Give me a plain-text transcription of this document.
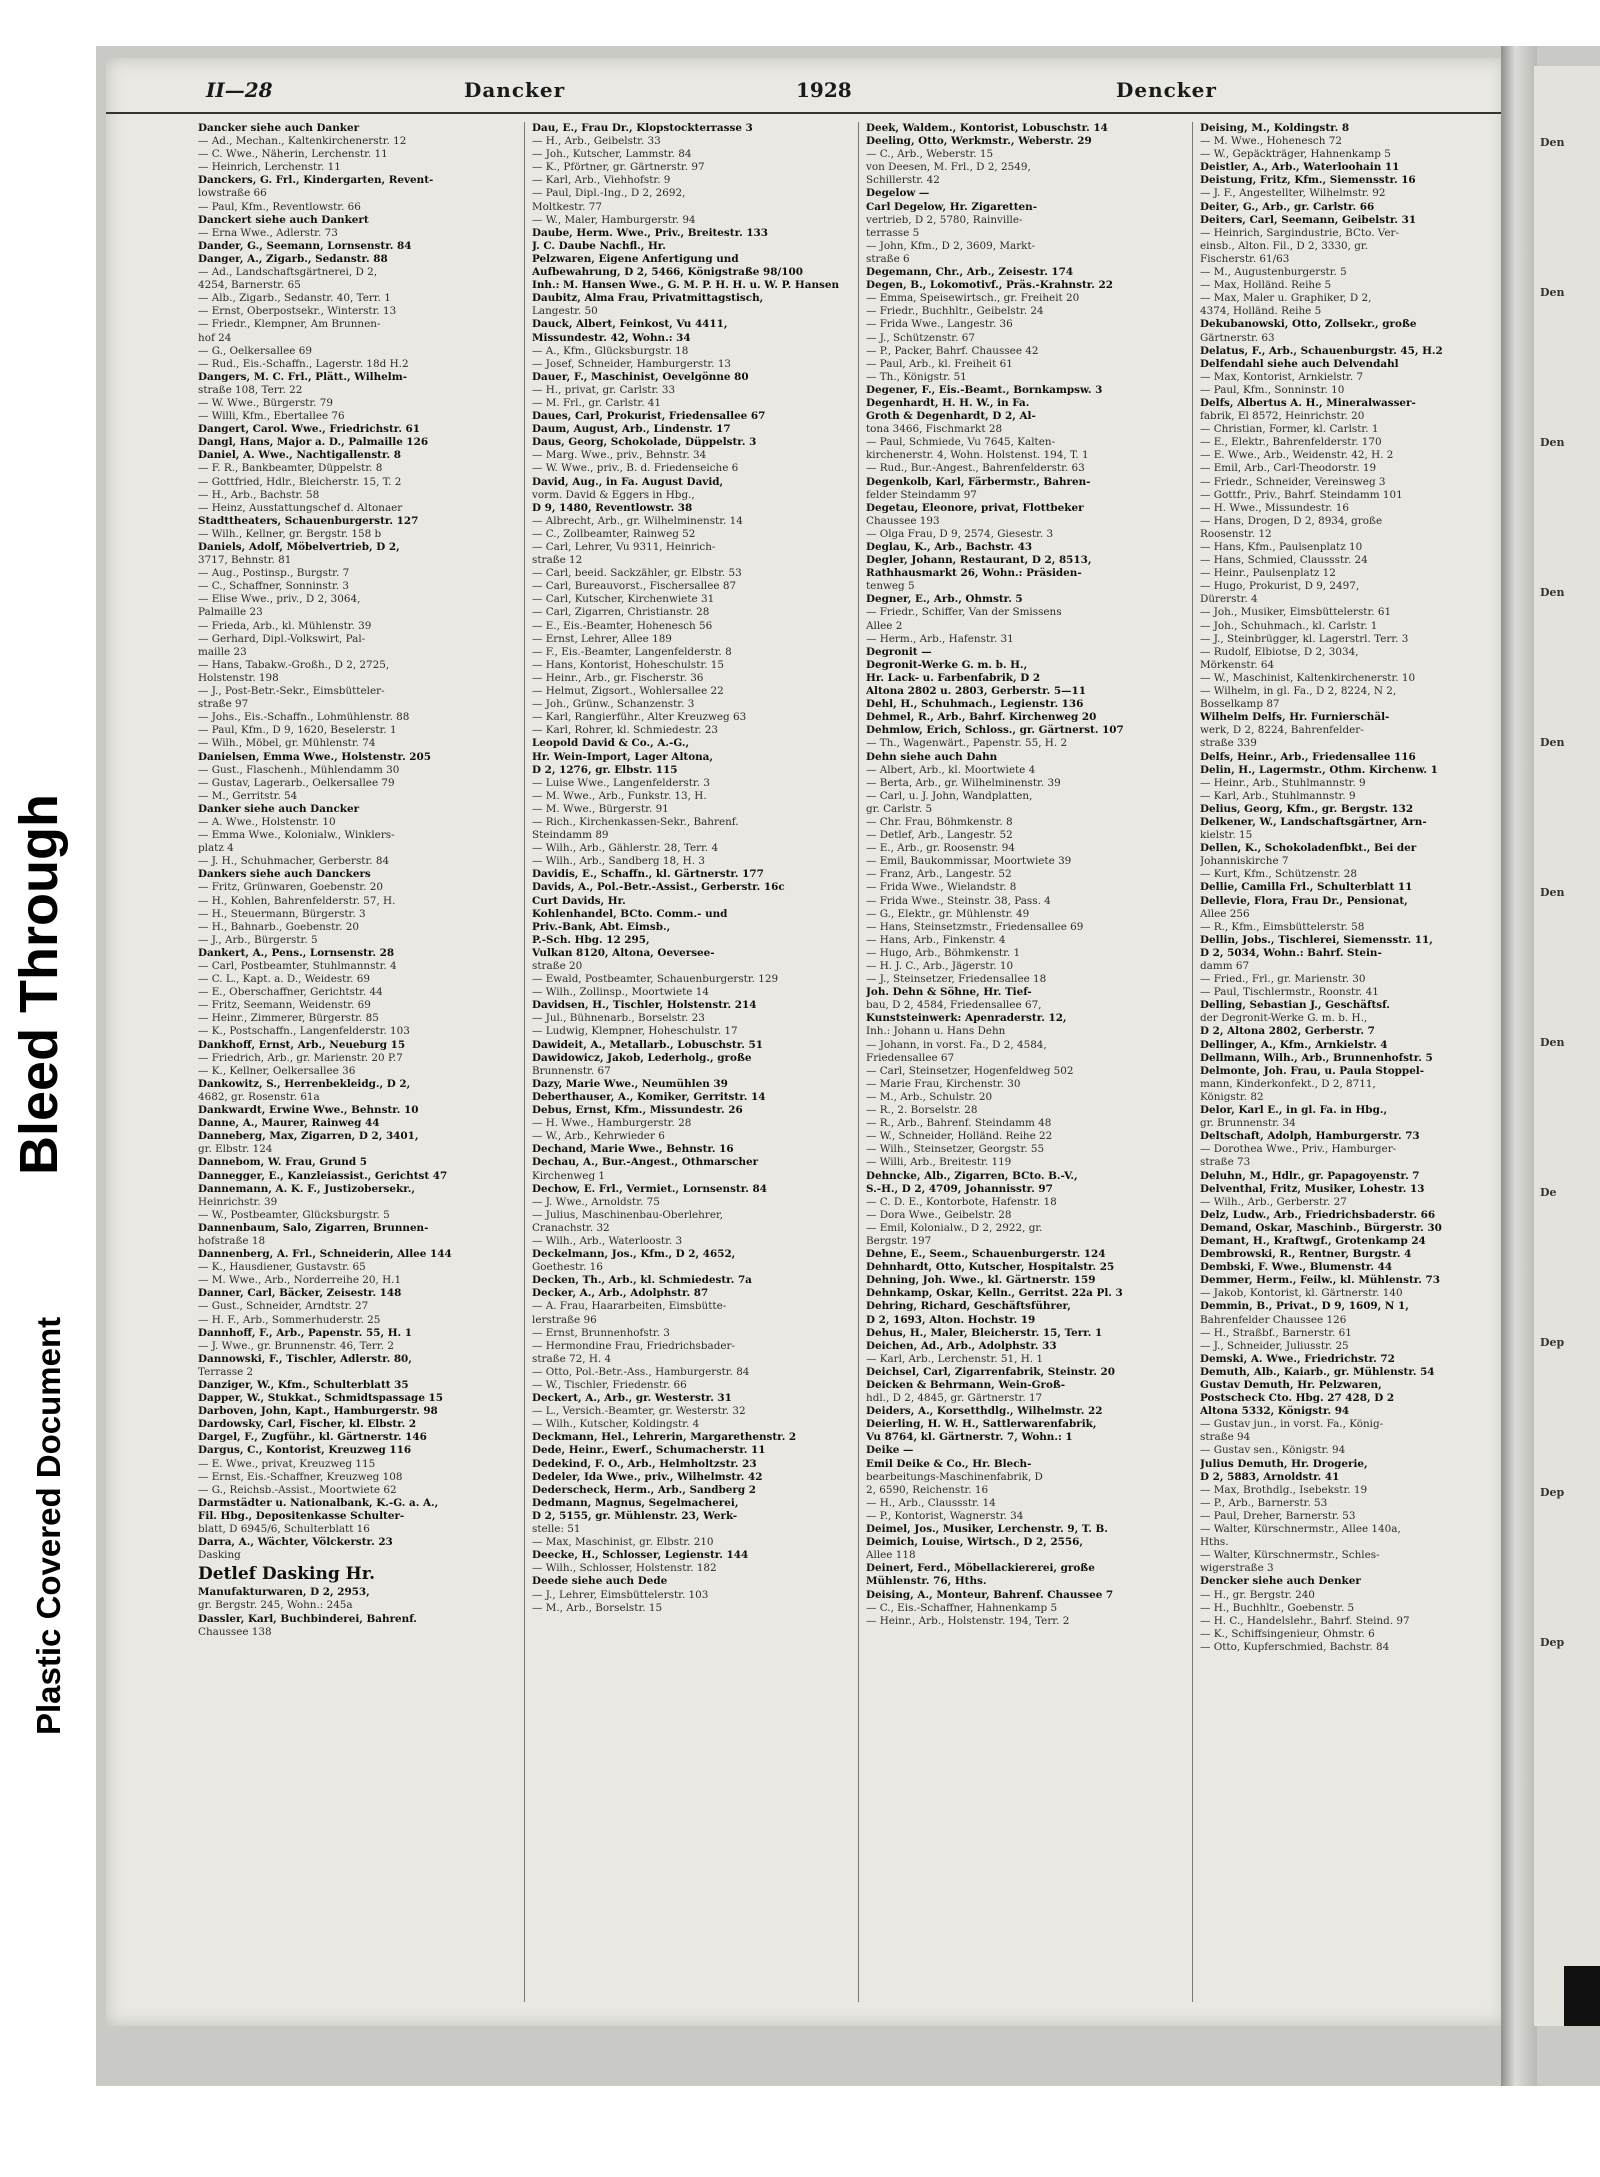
Bleed Through
Plastic Covered Document
II—28	Dancker	1928	Dencker
Dancker siehe auch Danker
— Ad., Mechan., Kaltenkirchenerstr. 12
— C. Wwe., Näherin, Lerchenstr. 11
— Heinrich, Lerchenstr. 11
Danckers, G. Frl., Kindergarten, Revent-
lowstraße 66
— Paul, Kfm., Reventlowstr. 66
Danckert siehe auch Dankert
— Erna Wwe., Adlerstr. 73
Dander, G., Seemann, Lornsenstr. 84
Danger, A., Zigarb., Sedanstr. 88
— Ad., Landschaftsgärtnerei, D 2,
4254, Barnerstr. 65
— Alb., Zigarb., Sedanstr. 40, Terr. 1
— Ernst, Oberpostsekr., Winterstr. 13
— Friedr., Klempner, Am Brunnen-
hof 24
— G., Oelkersallee 69
— Rud., Eis.-Schaffn., Lagerstr. 18d H.2
Dangers, M. C. Frl., Plätt., Wilhelm-
straße 108, Terr. 22
— W. Wwe., Bürgerstr. 79
— Willi, Kfm., Ebertallee 76
Dangert, Carol. Wwe., Friedrichstr. 61
Dangl, Hans, Major a. D., Palmaille 126
Daniel, A. Wwe., Nachtigallenstr. 8
— F. R., Bankbeamter, Düppelstr. 8
— Gottfried, Hdlr., Bleicherstr. 15, T. 2
— H., Arb., Bachstr. 58
— Heinz, Ausstattungschef d. Altonaer
Stadttheaters, Schauenburgerstr. 127
— Wilh., Kellner, gr. Bergstr. 158 b
Daniels, Adolf, Möbelvertrieb, D 2,
3717, Behnstr. 81
— Aug., Postinsp., Burgstr. 7
— C., Schaffner, Sonninstr. 3
— Elise Wwe., priv., D 2, 3064,
Palmaille 23
— Frieda, Arb., kl. Mühlenstr. 39
— Gerhard, Dipl.-Volkswirt, Pal-
maille 23
— Hans, Tabakw.-Großh., D 2, 2725,
Holstenstr. 198
— J., Post-Betr.-Sekr., Eimsbütteler-
straße 97
— Johs., Eis.-Schaffn., Lohmühlenstr. 88
— Paul, Kfm., D 9, 1620, Beselerstr. 1
— Wilh., Möbel, gr. Mühlenstr. 74
Danielsen, Emma Wwe., Holstenstr. 205
— Gust., Flaschenh., Mühlendamm 30
— Gustav, Lagerarb., Oelkersallee 79
— M., Gerritstr. 54
Danker siehe auch Dancker
— A. Wwe., Holstenstr. 10
— Emma Wwe., Kolonialw., Winklers-
platz 4
— J. H., Schuhmacher, Gerberstr. 84
Dankers siehe auch Danckers
— Fritz, Grünwaren, Goebenstr. 20
— H., Kohlen, Bahrenfelderstr. 57, H.
— H., Steuermann, Bürgerstr. 3
— H., Bahnarb., Goebenstr. 20
— J., Arb., Bürgerstr. 5
Dankert, A., Pens., Lornsenstr. 28
— Carl, Postbeamter, Stuhlmannstr. 4
— C. L., Kapt. a. D., Weidestr. 69
— E., Oberschaffner, Gerichtstr. 44
— Fritz, Seemann, Weidenstr. 69
— Heinr., Zimmerer, Bürgerstr. 85
— K., Postschaffn., Langenfelderstr. 103
Dankhoff, Ernst, Arb., Neueburg 15
— Friedrich, Arb., gr. Marienstr. 20 P.7
— K., Kellner, Oelkersallee 36
Dankowitz, S., Herrenbekleidg., D 2,
4682, gr. Rosenstr. 61a
Dankwardt, Erwine Wwe., Behnstr. 10
Danne, A., Maurer, Rainweg 44
Danneberg, Max, Zigarren, D 2, 3401,
gr. Elbstr. 124
Dannebom, W. Frau, Grund 5
Dannegger, E., Kanzleiassist., Gerichtst 47
Dannemann, A. K. F., Justizobersekr.,
Heinrichstr. 39
— W., Postbeamter, Glücksburgstr. 5
Dannenbaum, Salo, Zigarren, Brunnen-
hofstraße 18
Dannenberg, A. Frl., Schneiderin, Allee 144
— K., Hausdiener, Gustavstr. 65
— M. Wwe., Arb., Norderreihe 20, H.1
Danner, Carl, Bäcker, Zeisestr. 148
— Gust., Schneider, Arndtstr. 27
— H. F., Arb., Sommerhuderstr. 25
Dannhoff, F., Arb., Papenstr. 55, H. 1
— J. Wwe., gr. Brunnenstr. 46, Terr. 2
Dannowski, F., Tischler, Adlerstr. 80,
Terrasse 2
Danziger, W., Kfm., Schulterblatt 35
Dapper, W., Stukkat., Schmidtspassage 15
Darboven, John, Kapt., Hamburgerstr. 98
Dardowsky, Carl, Fischer, kl. Elbstr. 2
Dargel, F., Zugführ., kl. Gärtnerstr. 146
Dargus, C., Kontorist, Kreuzweg 116
— E. Wwe., privat, Kreuzweg 115
— Ernst, Eis.-Schaffner, Kreuzweg 108
— G., Reichsb.-Assist., Moortwiete 62
Darmstädter u. Nationalbank, K.-G. a. A.,
Fil. Hbg., Depositenkasse Schulter-
blatt, D 6945/6, Schulterblatt 16
Darra, A., Wächter, Völckerstr. 23
Dasking
Detlef Dasking Hr.
Manufakturwaren, D 2, 2953,
gr. Bergstr. 245, Wohn.: 245a
Dassler, Karl, Buchbinderei, Bahrenf.
Chaussee 138
Dau, E., Frau Dr., Klopstockterrasse 3
— H., Arb., Geibelstr. 33
— Joh., Kutscher, Lammstr. 84
— K., Pförtner, gr. Gärtnerstr. 97
— Karl, Arb., Viehhofstr. 9
— Paul, Dipl.-Ing., D 2, 2692,
Moltkestr. 77
— W., Maler, Hamburgerstr. 94
Daube, Herm. Wwe., Priv., Breitestr. 133
J. C. Daube Nachfl., Hr.
Pelzwaren, Eigene Anfertigung und
Aufbewahrung, D 2, 5466, Königstraße 98/100
Inh.: M. Hansen Wwe., G. M. P. H. H. u. W. P. Hansen
Daubitz, Alma Frau, Privatmittagstisch,
Langestr. 50
Dauck, Albert, Feinkost, Vu 4411,
Missundestr. 42, Wohn.: 34
— A., Kfm., Glücksburgstr. 18
— Josef, Schneider, Hamburgerstr. 13
Dauer, F., Maschinist, Oevelgönne 80
— H., privat, gr. Carlstr. 33
— M. Frl., gr. Carlstr. 41
Daues, Carl, Prokurist, Friedensallee 67
Daum, August, Arb., Lindenstr. 17
Daus, Georg, Schokolade, Düppelstr. 3
— Marg. Wwe., priv., Behnstr. 34
— W. Wwe., priv., B. d. Friedenseiche 6
David, Aug., in Fa. August David,
vorm. David & Eggers in Hbg.,
D 9, 1480, Reventlowstr. 38
— Albrecht, Arb., gr. Wilhelminenstr. 14
— C., Zollbeamter, Rainweg 52
— Carl, Lehrer, Vu 9311, Heinrich-
straße 12
— Carl, beeid. Sackzähler, gr. Elbstr. 53
— Carl, Bureauvorst., Fischersallee 87
— Carl, Kutscher, Kirchenwiete 31
— Carl, Zigarren, Christianstr. 28
— E., Eis.-Beamter, Hohenesch 56
— Ernst, Lehrer, Allee 189
— F., Eis.-Beamter, Langenfelderstr. 8
— Hans, Kontorist, Hoheschulstr. 15
— Heinr., Arb., gr. Fischerstr. 36
— Helmut, Zigsort., Wohlersallee 22
— Joh., Grünw., Schanzenstr. 3
— Karl, Rangierführ., Alter Kreuzweg 63
— Karl, Rohrer, kl. Schmiedestr. 23
Leopold David & Co., A.-G.,
Hr. Wein-Import, Lager Altona,
D 2, 1276, gr. Elbstr. 115
— Luise Wwe., Langenfelderstr. 3
— M. Wwe., Arb., Funkstr. 13, H.
— M. Wwe., Bürgerstr. 91
— Rich., Kirchenkassen-Sekr., Bahrenf.
Steindamm 89
— Wilh., Arb., Gählerstr. 28, Terr. 4
— Wilh., Arb., Sandberg 18, H. 3
Davidis, E., Schaffn., kl. Gärtnerstr. 177
Davids, A., Pol.-Betr.-Assist., Gerberstr. 16c
Curt Davids, Hr.
Kohlenhandel, BCto. Comm.- und
Priv.-Bank, Abt. Eimsb.,
P.-Sch. Hbg. 12 295,
Vulkan 8120, Altona, Oeversee-
straße 20
— Ewald, Postbeamter, Schauenburgerstr. 129
— Wilh., Zollinsp., Moortwiete 14
Davidsen, H., Tischler, Holstenstr. 214
— Jul., Bühnenarb., Borselstr. 23
— Ludwig, Klempner, Hoheschulstr. 17
Dawideit, A., Metallarb., Lobuschstr. 51
Dawidowicz, Jakob, Lederholg., große
Brunnenstr. 67
Dazy, Marie Wwe., Neumühlen 39
Deberthauser, A., Komiker, Gerritstr. 14
Debus, Ernst, Kfm., Missundestr. 26
— H. Wwe., Hamburgerstr. 28
— W., Arb., Kehrwieder 6
Dechand, Marie Wwe., Behnstr. 16
Dechau, A., Bur.-Angest., Othmarscher
Kirchenweg 1
Dechow, E. Frl., Vermiet., Lornsenstr. 84
— J. Wwe., Arnoldstr. 75
— Julius, Maschinenbau-Oberlehrer,
Cranachstr. 32
— Wilh., Arb., Waterloostr. 3
Deckelmann, Jos., Kfm., D 2, 4652,
Goethestr. 16
Decken, Th., Arb., kl. Schmiedestr. 7a
Decker, A., Arb., Adolphstr. 87
— A. Frau, Haararbeiten, Eimsbütte-
lerstraße 96
— Ernst, Brunnenhofstr. 3
— Hermondine Frau, Friedrichsbader-
straße 72, H. 4
— Otto, Pol.-Betr.-Ass., Hamburgerstr. 84
— W., Tischler, Friedenstr. 66
Deckert, A., Arb., gr. Westerstr. 31
— L., Versich.-Beamter, gr. Westerstr. 32
— Wilh., Kutscher, Koldingstr. 4
Deckmann, Hel., Lehrerin, Margarethenstr. 2
Dede, Heinr., Ewerf., Schumacherstr. 11
Dedekind, F. O., Arb., Helmholtzstr. 23
Dedeler, Ida Wwe., priv., Wilhelmstr. 42
Dederscheck, Herm., Arb., Sandberg 2
Dedmann, Magnus, Segelmacherei,
D 2, 5155, gr. Mühlenstr. 23, Werk-
stelle: 51
— Max, Maschinist, gr. Elbstr. 210
Deecke, H., Schlosser, Legienstr. 144
— Wilh., Schlosser, Holstenstr. 182
Deede siehe auch Dede
— J., Lehrer, Eimsbüttelerstr. 103
— M., Arb., Borselstr. 15
Deek, Waldem., Kontorist, Lobuschstr. 14
Deeling, Otto, Werkmstr., Weberstr. 29
— C., Arb., Weberstr. 15
von Deesen, M. Frl., D 2, 2549,
Schillerstr. 42
Degelow —
Carl Degelow, Hr. Zigaretten-
vertrieb, D 2, 5780, Rainville-
terrasse 5
— John, Kfm., D 2, 3609, Markt-
straße 6
Degemann, Chr., Arb., Zeisestr. 174
Degen, B., Lokomotivf., Präs.-Krahnstr. 22
— Emma, Speisewirtsch., gr. Freiheit 20
— Friedr., Buchhltr., Geibelstr. 24
— Frida Wwe., Langestr. 36
— J., Schützenstr. 67
— P., Packer, Bahrf. Chaussee 42
— Paul, Arb., kl. Freiheit 61
— Th., Königstr. 51
Degener, F., Eis.-Beamt., Bornkampsw. 3
Degenhardt, H. H. W., in Fa.
Groth & Degenhardt, D 2, Al-
tona 3466, Fischmarkt 28
— Paul, Schmiede, Vu 7645, Kalten-
kirchenerstr. 4, Wohn. Holstenst. 194, T. 1
— Rud., Bur.-Angest., Bahrenfelderstr. 63
Degenkolb, Karl, Färbermstr., Bahren-
felder Steindamm 97
Degetau, Eleonore, privat, Flottbeker
Chaussee 193
— Olga Frau, D 9, 2574, Giesestr. 3
Deglau, K., Arb., Bachstr. 43
Degler, Johann, Restaurant, D 2, 8513,
Rathhausmarkt 26, Wohn.: Präsiden-
tenweg 5
Degner, E., Arb., Ohmstr. 5
— Friedr., Schiffer, Van der Smissens
Allee 2
— Herm., Arb., Hafenstr. 31
Degronit —
Degronit-Werke G. m. b. H.,
Hr. Lack- u. Farbenfabrik, D 2
Altona 2802 u. 2803, Gerberstr. 5—11
Dehl, H., Schuhmach., Legienstr. 136
Dehmel, R., Arb., Bahrf. Kirchenweg 20
Dehmlow, Erich, Schloss., gr. Gärtnerst. 107
— Th., Wagenwärt., Papenstr. 55, H. 2
Dehn siehe auch Dahn
— Albert, Arb., kl. Moortwiete 4
— Berta, Arb., gr. Wilhelminenstr. 39
— Carl, u. J. John, Wandplatten,
gr. Carlstr. 5
— Chr. Frau, Böhmkenstr. 8
— Detlef, Arb., Langestr. 52
— E., Arb., gr. Roosenstr. 94
— Emil, Baukommissar, Moortwiete 39
— Franz, Arb., Langestr. 52
— Frida Wwe., Wielandstr. 8
— Frida Wwe., Steinstr. 38, Pass. 4
— G., Elektr., gr. Mühlenstr. 49
— Hans, Steinsetzmstr., Friedensallee 69
— Hans, Arb., Finkenstr. 4
— Hugo, Arb., Böhmkenstr. 1
— H. J. C., Arb., Jägerstr. 10
— J., Steinsetzer, Friedensallee 18
Joh. Dehn & Söhne, Hr. Tief-
bau, D 2, 4584, Friedensallee 67,
Kunststeinwerk: Apenraderstr. 12,
Inh.: Johann u. Hans Dehn
— Johann, in vorst. Fa., D 2, 4584,
Friedensallee 67
— Carl, Steinsetzer, Hogenfeldweg 502
— Marie Frau, Kirchenstr. 30
— M., Arb., Schulstr. 20
— R., 2. Borselstr. 28
— R., Arb., Bahrenf. Steindamm 48
— W., Schneider, Holländ. Reihe 22
— Wilh., Steinsetzer, Georgstr. 55
— Willi, Arb., Breitestr. 119
Dehncke, Alb., Zigarren, BCto. B.-V.,
S.-H., D 2, 4709, Johannisstr. 97
— C. D. E., Kontorbote, Hafenstr. 18
— Dora Wwe., Geibelstr. 28
— Emil, Kolonialw., D 2, 2922, gr.
Bergstr. 197
Dehne, E., Seem., Schauenburgerstr. 124
Dehnhardt, Otto, Kutscher, Hospitalstr. 25
Dehning, Joh. Wwe., kl. Gärtnerstr. 159
Dehnkamp, Oskar, Kelln., Gerritst. 22a Pl. 3
Dehring, Richard, Geschäftsführer,
D 2, 1693, Alton. Hochstr. 19
Dehus, H., Maler, Bleicherstr. 15, Terr. 1
Deichen, Ad., Arb., Adolphstr. 33
— Karl, Arb., Lerchenstr. 51, H. 1
Deichsel, Carl, Zigarrenfabrik, Steinstr. 20
Deicken & Behrmann, Wein-Groß-
hdl., D 2, 4845, gr. Gärtnerstr. 17
Deiders, A., Korsetthdlg., Wilhelmstr. 22
Deierling, H. W. H., Sattlerwarenfabrik,
Vu 8764, kl. Gärtnerstr. 7, Wohn.: 1
Deike —
Emil Deike & Co., Hr. Blech-
bearbeitungs-Maschinenfabrik, D
2, 6590, Reichenstr. 16
— H., Arb., Claussstr. 14
— P., Kontorist, Wagnerstr. 34
Deimel, Jos., Musiker, Lerchenstr. 9, T. B.
Deimich, Louise, Wirtsch., D 2, 2556,
Allee 118
Deinert, Ferd., Möbellackiererei, große
Mühlenstr. 76, Hths.
Deising, A., Monteur, Bahrenf. Chaussee 7
— C., Eis.-Schaffner, Hahnenkamp 5
— Heinr., Arb., Holstenstr. 194, Terr. 2
Deising, M., Koldingstr. 8
— M. Wwe., Hohenesch 72
— W., Gepäckträger, Hahnenkamp 5
Deistler, A., Arb., Waterloohain 11
Deistung, Fritz, Kfm., Siemensstr. 16
— J. F., Angestellter, Wilhelmstr. 92
Deiter, G., Arb., gr. Carlstr. 66
Deiters, Carl, Seemann, Geibelstr. 31
— Heinrich, Sargindustrie, BCto. Ver-
einsb., Alton. Fil., D 2, 3330, gr.
Fischerstr. 61/63
— M., Augustenburgerstr. 5
— Max, Holländ. Reihe 5
— Max, Maler u. Graphiker, D 2,
4374, Holländ. Reihe 5
Dekubanowski, Otto, Zollsekr., große
Gärtnerstr. 63
Delatus, F., Arb., Schauenburgstr. 45, H.2
Delfendahl siehe auch Delvendahl
— Max, Kontorist, Arnkielstr. 7
— Paul, Kfm., Sonninstr. 10
Delfs, Albertus A. H., Mineralwasser-
fabrik, El 8572, Heinrichstr. 20
— Christian, Former, kl. Carlstr. 1
— E., Elektr., Bahrenfelderstr. 170
— E. Wwe., Arb., Weidenstr. 42, H. 2
— Emil, Arb., Carl-Theodorstr. 19
— Friedr., Schneider, Vereinsweg 3
— Gottfr., Priv., Bahrf. Steindamm 101
— H. Wwe., Missundestr. 16
— Hans, Drogen, D 2, 8934, große
Roosenstr. 12
— Hans, Kfm., Paulsenplatz 10
— Hans, Schmied, Claussstr. 24
— Heinr., Paulsenplatz 12
— Hugo, Prokurist, D 9, 2497,
Dürerstr. 4
— Joh., Musiker, Eimsbüttelerstr. 61
— Joh., Schuhmach., kl. Carlstr. 1
— J., Steinbrügger, kl. Lagerstrl. Terr. 3
— Rudolf, Elbiotse, D 2, 3034,
Mörkenstr. 64
— W., Maschinist, Kaltenkirchenerstr. 10
— Wilhelm, in gl. Fa., D 2, 8224, N 2,
Bosselkamp 87
Wilhelm Delfs, Hr. Furnierschäl-
werk, D 2, 8224, Bahrenfelder-
straße 339
Delfs, Heinr., Arb., Friedensallee 116
Delin, H., Lagermstr., Othm. Kirchenw. 1
— Heinr., Arb., Stuhlmannstr. 9
— Karl, Arb., Stuhlmannstr. 9
Delius, Georg, Kfm., gr. Bergstr. 132
Delkener, W., Landschaftsgärtner, Arn-
kielstr. 15
Dellen, K., Schokoladenfbkt., Bei der
Johanniskirche 7
— Kurt, Kfm., Schützenstr. 28
Dellie, Camilla Frl., Schulterblatt 11
Dellevie, Flora, Frau Dr., Pensionat,
Allee 256
— R., Kfm., Eimsbüttelerstr. 58
Dellin, Jobs., Tischlerei, Siemensstr. 11,
D 2, 5034, Wohn.: Bahrf. Stein-
damm 67
— Fried., Frl., gr. Marienstr. 30
— Paul, Tischlermstr., Roonstr. 41
Delling, Sebastian J., Geschäftsf.
der Degronit-Werke G. m. b. H.,
D 2, Altona 2802, Gerberstr. 7
Dellinger, A., Kfm., Arnkielstr. 4
Dellmann, Wilh., Arb., Brunnenhofstr. 5
Delmonte, Joh. Frau, u. Paula Stoppel-
mann, Kinderkonfekt., D 2, 8711,
Königstr. 82
Delor, Karl E., in gl. Fa. in Hbg.,
gr. Brunnenstr. 34
Deltschaft, Adolph, Hamburgerstr. 73
— Dorothea Wwe., Priv., Hamburger-
straße 73
Deluhn, M., Hdlr., gr. Papagoyenstr. 7
Delventhal, Fritz, Musiker, Lohestr. 13
— Wilh., Arb., Gerberstr. 27
Delz, Ludw., Arb., Friedrichsbaderstr. 66
Demand, Oskar, Maschinb., Bürgerstr. 30
Demant, H., Kraftwgf., Grotenkamp 24
Dembrowski, R., Rentner, Burgstr. 4
Dembski, F. Wwe., Blumenstr. 44
Demmer, Herm., Feilw., kl. Mühlenstr. 73
— Jakob, Kontorist, kl. Gärtnerstr. 140
Demmin, B., Privat., D 9, 1609, N 1,
Bahrenfelder Chaussee 126
— H., Straßbf., Barnerstr. 61
— J., Schneider, Juliusstr. 25
Demski, A. Wwe., Friedrichstr. 72
Demuth, Alb., Kaiarb., gr. Mühlenstr. 54
Gustav Demuth, Hr. Pelzwaren,
Postscheck Cto. Hbg. 27 428, D 2
Altona 5332, Königstr. 94
— Gustav jun., in vorst. Fa., König-
straße 94
— Gustav sen., Königstr. 94
Julius Demuth, Hr. Drogerie,
D 2, 5883, Arnoldstr. 41
— Max, Brothdlg., Isebekstr. 19
— P., Arb., Barnerstr. 53
— Paul, Dreher, Barnerstr. 53
— Walter, Kürschnermstr., Allee 140a,
Hths.
— Walter, Kürschnermstr., Schles-
wigerstraße 3
Dencker siehe auch Denker
— H., gr. Bergstr. 240
— H., Buchhltr., Goebenstr. 5
— H. C., Handelslehr., Bahrf. Steind. 97
— K., Schiffsingenieur, Ohmstr. 6
— Otto, Kupferschmied, Bachstr. 84
Den
Den
Den
Den
Den
Den
Den
De
Dep
Dep
Dep
